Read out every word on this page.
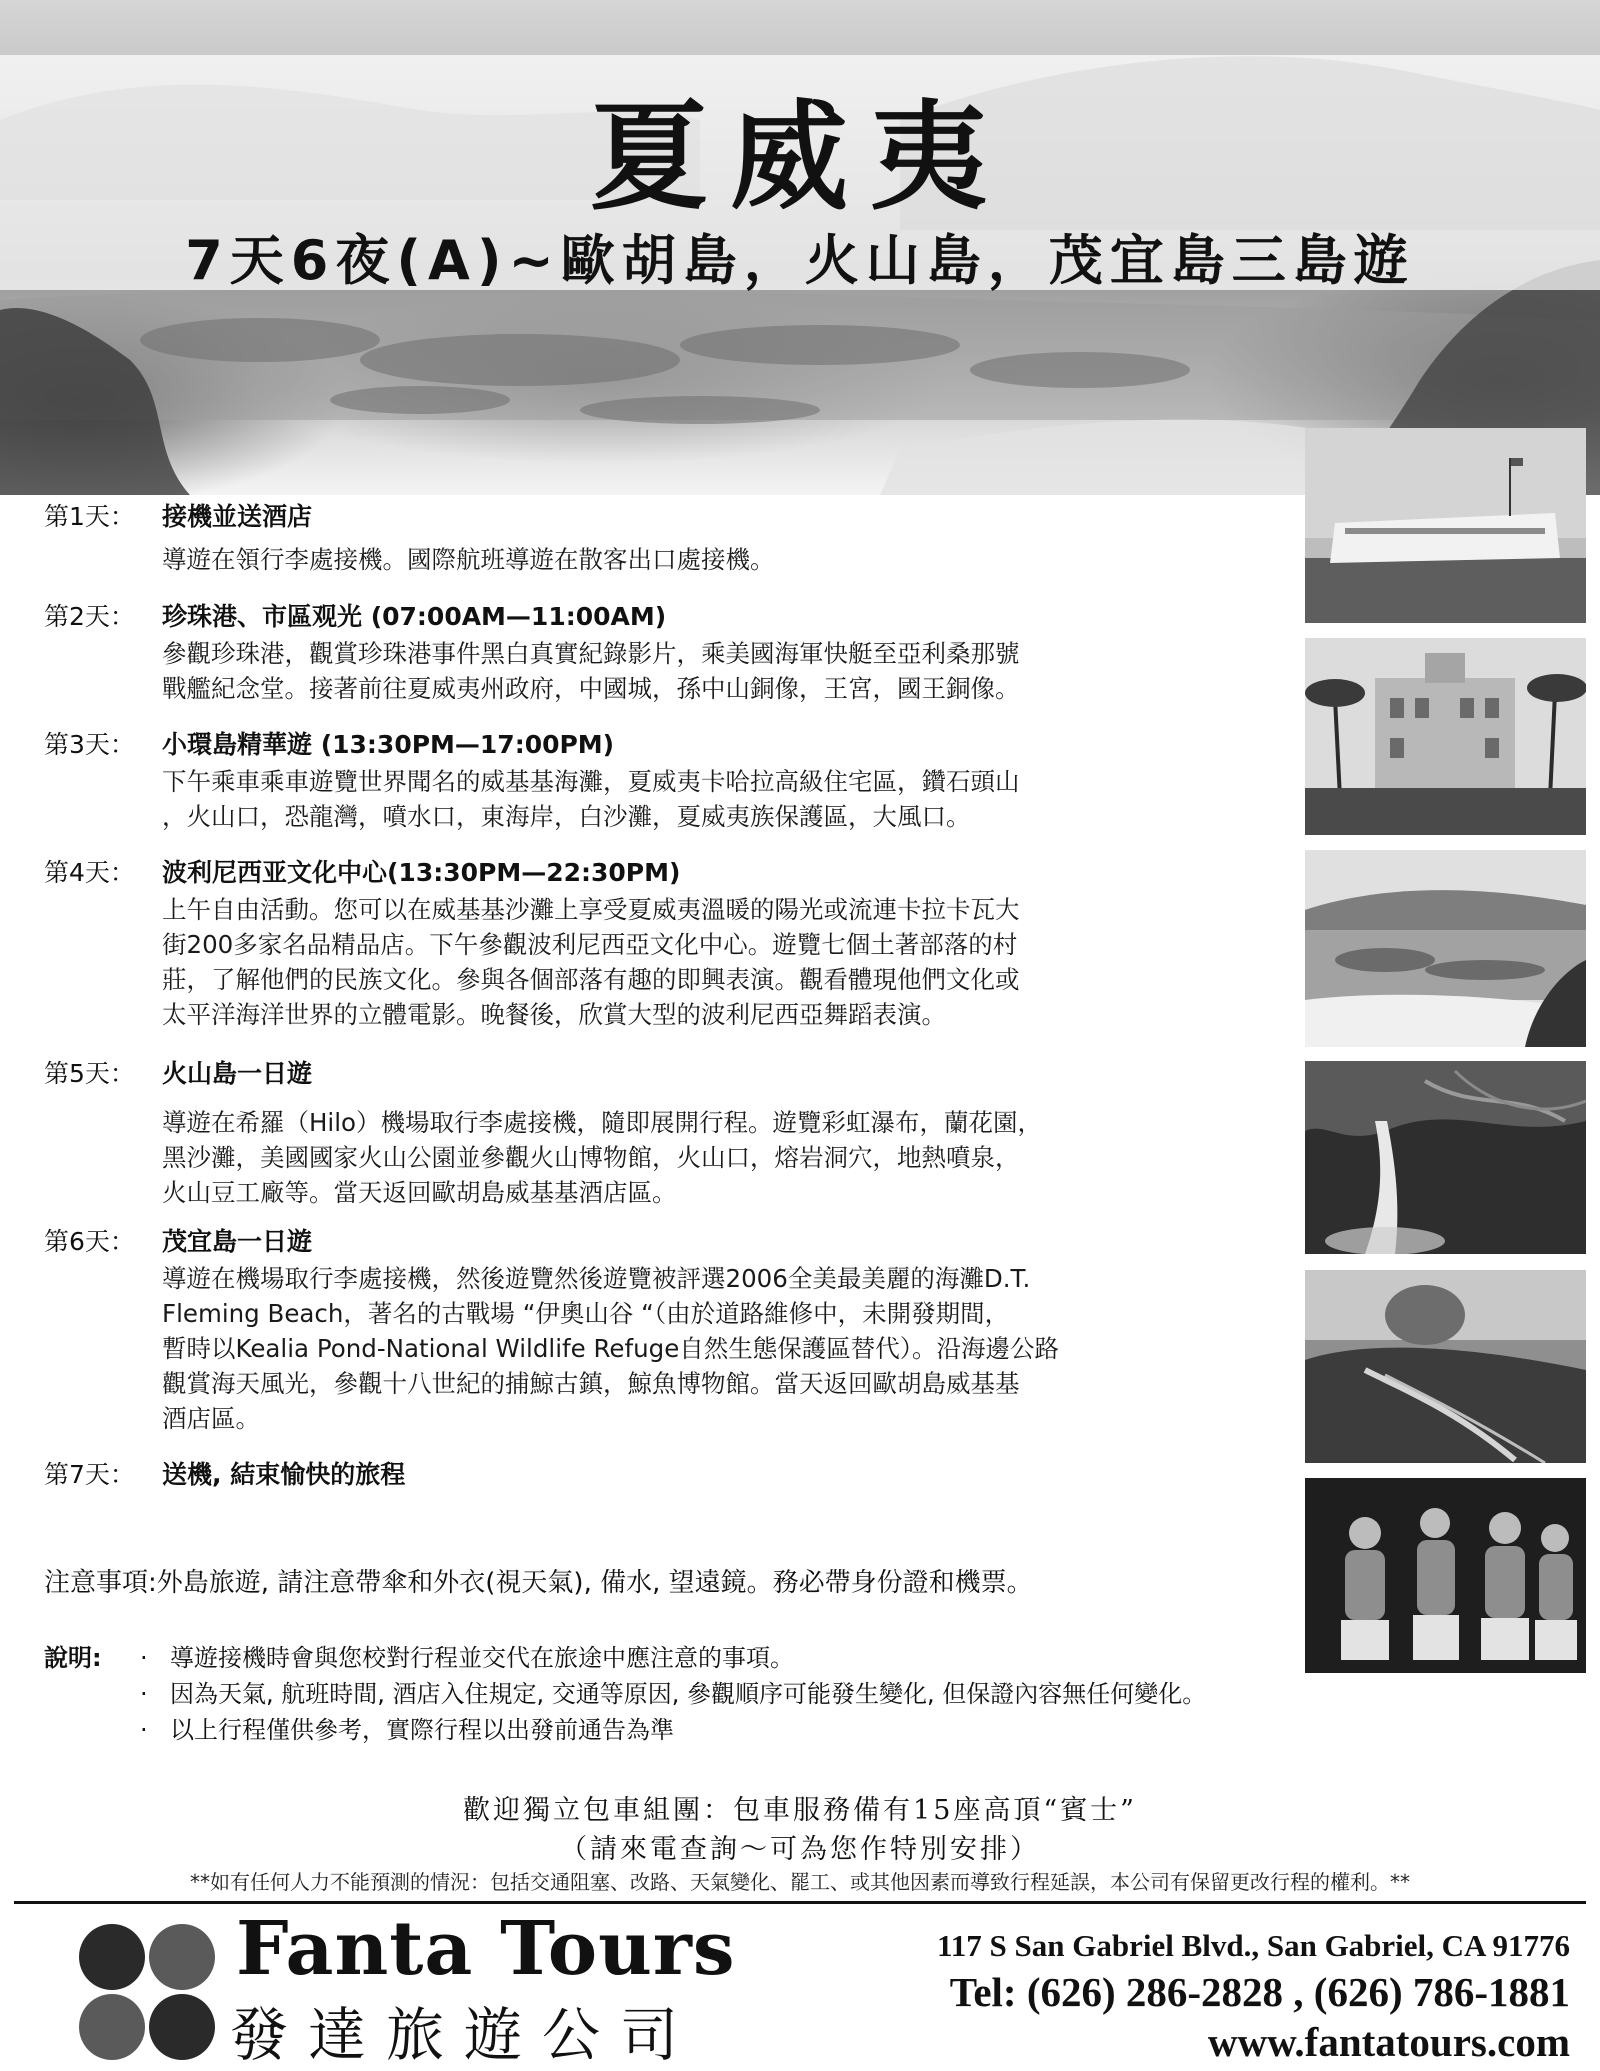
夏威夷
7天6夜(A)~歐胡島，火山島，茂宜島三島遊
第1天：	接機並送酒店
導遊在領行李處接機。國際航班導遊在散客出口處接機。
第2天：	珍珠港、市區观光 (07:00AM—11:00AM)
參觀珍珠港，觀賞珍珠港事件黑白真實紀錄影片，乘美國海軍快艇至亞利桑那號
戰艦紀念堂。接著前往夏威夷州政府，中國城，孫中山銅像，王宮，國王銅像。
第3天：	小環島精華遊 (13:30PM—17:00PM)
下午乘車乘車遊覽世界聞名的威基基海灘，夏威夷卡哈拉高級住宅區，鑽石頭山
，火山口，恐龍灣，噴水口，東海岸，白沙灘，夏威夷族保護區，大風口。
第4天：	波利尼西亚文化中心(13:30PM—22:30PM)
上午自由活動。您可以在威基基沙灘上享受夏威夷溫暖的陽光或流連卡拉卡瓦大
街200多家名品精品店。下午參觀波利尼西亞文化中心。遊覽七個土著部落的村
莊，了解他們的民族文化。參與各個部落有趣的即興表演。觀看體現他們文化或
太平洋海洋世界的立體電影。晚餐後，欣賞大型的波利尼西亞舞蹈表演。
第5天：	火山島一日遊
導遊在希羅（Hilo）機場取行李處接機，隨即展開行程。遊覽彩虹瀑布，蘭花園，
黑沙灘，美國國家火山公園並參觀火山博物館，火山口，熔岩洞穴，地熱噴泉，
火山豆工廠等。當天返回歐胡島威基基酒店區。
第6天：	茂宜島一日遊
導遊在機場取行李處接機，然後遊覽然後遊覽被評選2006全美最美麗的海灘D.T.
Fleming Beach，著名的古戰場 “伊奧山谷 “（由於道路維修中，未開發期間，
暫時以Kealia Pond-National Wildlife Refuge自然生態保護區替代）。沿海邊公路
觀賞海天風光，參觀十八世紀的捕鯨古鎮，鯨魚博物館。當天返回歐胡島威基基
酒店區。
第7天：	送機, 結束愉快的旅程
注意事項:外島旅遊, 請注意帶傘和外衣(視天氣), 備水, 望遠鏡。務必帶身份證和機票。
說明:	· 導遊接機時會與您校對行程並交代在旅途中應注意的事項。
· 因為天氣, 航班時間, 酒店入住規定, 交通等原因, 參觀順序可能發生變化, 但保證內容無任何變化。
· 以上行程僅供參考，實際行程以出發前通告為準
歡迎獨立包車組團：包車服務備有15座高頂“賓士”
（請來電查詢～可為您作特別安排）
**如有任何人力不能預測的情況：包括交通阻塞、改路、天氣變化、罷工、或其他因素而導致行程延誤，本公司有保留更改行程的權利。**
Fanta Tours
發達旅遊公司
117 S San Gabriel Blvd., San Gabriel, CA 91776
Tel: (626) 286-2828 , (626) 786-1881
www.fantatours.com
